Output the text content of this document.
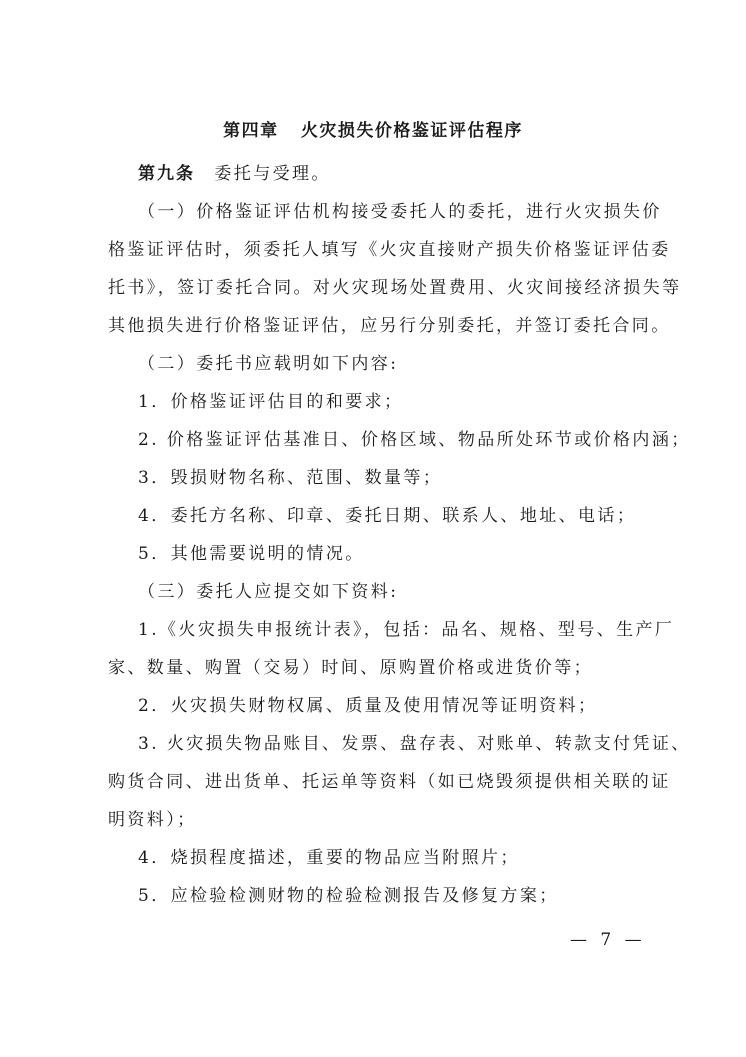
第四章   火灾损失价格鉴证评估程序
第九条  委托与受理。
（一）价格鉴证评估机构接受委托人的委托，进行火灾损失价
格鉴证评估时，须委托人填写《火灾直接财产损失价格鉴证评估委
托书》，签订委托合同。对火灾现场处置费用、火灾间接经济损失等
其他损失进行价格鉴证评估，应另行分别委托，并签订委托合同。
（二）委托书应载明如下内容:
1．价格鉴证评估目的和要求；
2. 价格鉴证评估基准日、价格区域、物品所处环节或价格内涵；
3．毁损财物名称、范围、数量等；
4．委托方名称、印章、委托日期、联系人、地址、电话；
5．其他需要说明的情况。
（三）委托人应提交如下资料:
1.《火灾损失申报统计表》，包括：品名、规格、型号、生产厂
家、数量、购置（交易）时间、原购置价格或进货价等；
2．火灾损失财物权属、质量及使用情况等证明资料；
3. 火灾损失物品账目、发票、盘存表、对账单、转款支付凭证、
购货合同、进出货单、托运单等资料（如已烧毁须提供相关联的证
明资料）；
4．烧损程度描述，重要的物品应当附照片；
5．应检验检测财物的检验检测报告及修复方案；
— 7 —
